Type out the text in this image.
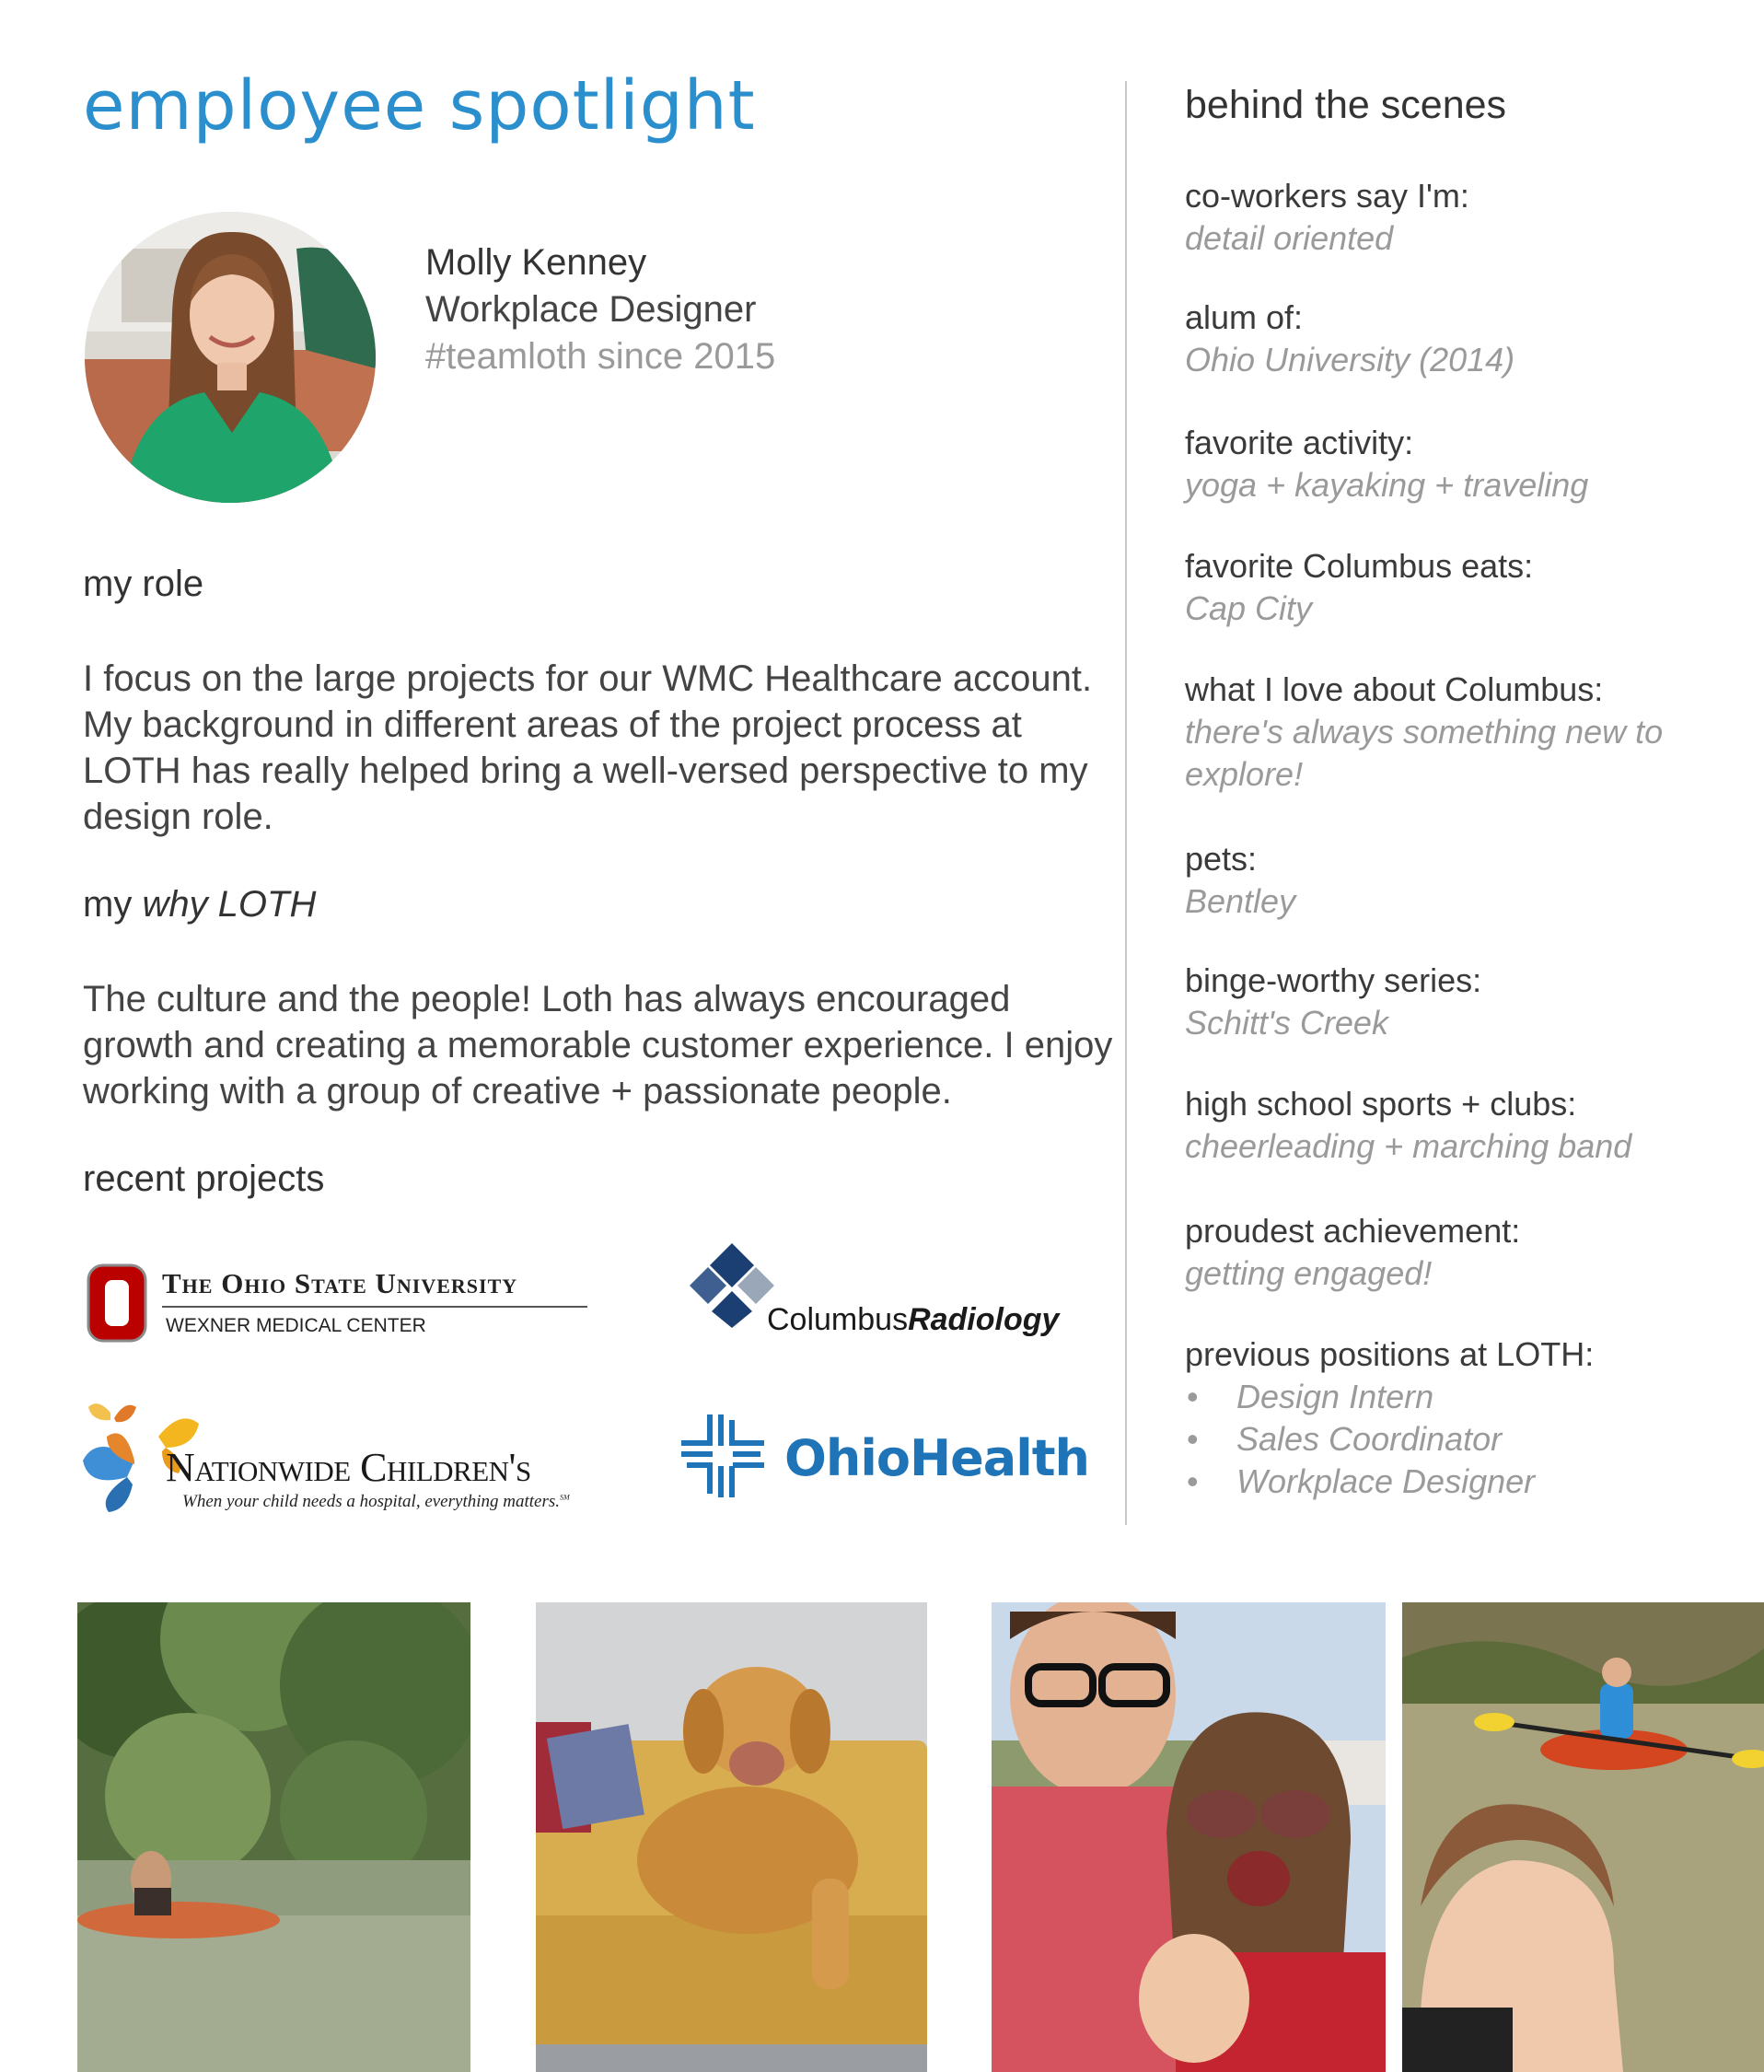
employee spotlight
Molly Kenney
Workplace Designer
#teamloth since 2015
my role
I focus on the large projects for our WMC Healthcare account. My background in different areas of the project process at LOTH has really helped bring a well-versed perspective to my design role.
my why LOTH
The culture and the people! Loth has always encouraged growth and creating a memorable customer experience. I enjoy working with a group of creative + passionate people.
recent projects
The Ohio State University
WEXNER MEDICAL CENTER	ColumbusRadiology
Nationwide Children's
When your child needs a hospital, everything matters.℠
OhioHealth
behind the scenes
co-workers say I'm:
detail oriented
alum of:
Ohio University (2014)
favorite activity:
yoga + kayaking + traveling
favorite Columbus eats:
Cap City
what I love about Columbus:
there's always something new to explore!
pets:
Bentley
binge-worthy series:
Schitt's Creek
high school sports + clubs:
cheerleading + marching band
proudest achievement:
getting engaged!
previous positions at LOTH:
• Design Intern
• Sales Coordinator
• Workplace Designer
